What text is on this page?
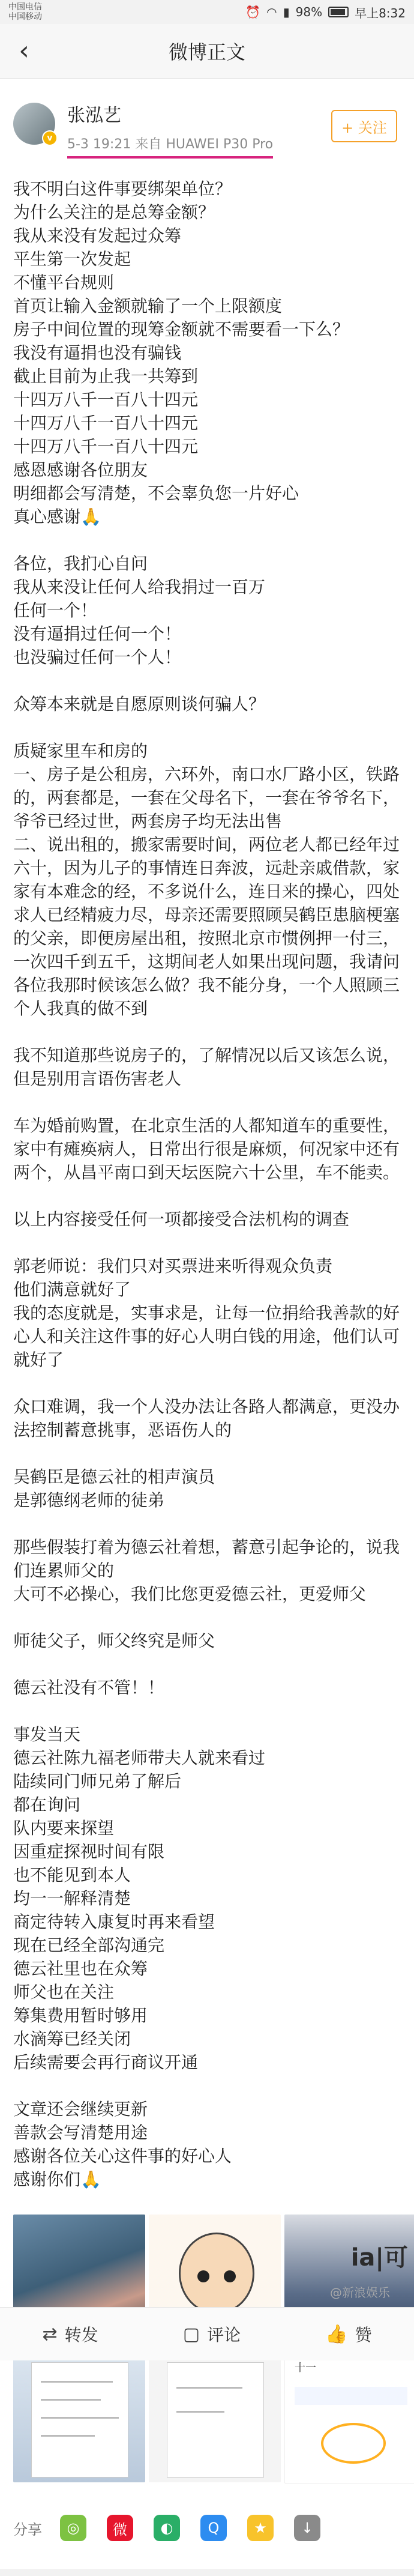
中国电信
中国移动	⏰ ◠ ▮ 98%	早上8:32
‹	微博正文
v
张泓艺
5-3 19:21 来自 HUAWEI P30 Pro
+ 关注

我不明白这件事要绑架单位？
为什么关注的是总筹金额？
我从来没有发起过众筹
平生第一次发起
不懂平台规则
首页让输入金额就输了一个上限额度
房子中间位置的现筹金额就不需要看一下么？
我没有逼捐也没有骗钱
截止目前为止我一共筹到
十四万八千一百八十四元
十四万八千一百八十四元
十四万八千一百八十四元
感恩感谢各位朋友
明细都会写清楚，不会辜负您一片好心
真心感谢🙏

各位，我扪心自问
我从来没让任何人给我捐过一百万
任何一个！
没有逼捐过任何一个！
也没骗过任何一个人！

众筹本来就是自愿原则谈何骗人？

质疑家里车和房的
一、房子是公租房，六环外，南口水厂路小区，铁路的，两套都是，一套在父母名下，一套在爷爷名下，爷爷已经过世，两套房子均无法出售
二、说出租的，搬家需要时间，两位老人都已经年过六十，因为儿子的事情连日奔波，远赴亲戚借款，家家有本难念的经，不多说什么，连日来的操心，四处求人已经精疲力尽，母亲还需要照顾吴鹤臣患脑梗塞的父亲，即便房屋出租，按照北京市惯例押一付三，一次四千到五千，这期间老人如果出现问题，我请问各位我那时候该怎么做？我不能分身，一个人照顾三个人我真的做不到

我不知道那些说房子的，了解情况以后又该怎么说，但是别用言语伤害老人

车为婚前购置，在北京生活的人都知道车的重要性，家中有瘫痪病人，日常出行很是麻烦，何况家中还有两个，从昌平南口到天坛医院六十公里，车不能卖。

以上内容接受任何一项都接受合法机构的调查

郭老师说：我们只对买票进来听得观众负责
他们满意就好了
我的态度就是，实事求是，让每一位捐给我善款的好心人和关注这件事的好心人明白钱的用途，他们认可就好了

众口难调，我一个人没办法让各路人都满意，更没办法控制蓄意挑事，恶语伤人的

吴鹤臣是德云社的相声演员
是郭德纲老师的徒弟

那些假装打着为德云社着想，蓄意引起争论的，说我们连累师父的
大可不必操心，我们比您更爱德云社，更爱师父

师徒父子，师父终究是师父

德云社没有不管！！

事发当天
德云社陈九福老师带夫人就来看过
陆续同门师兄弟了解后
都在询问
队内要来探望
因重症探视时间有限
也不能见到本人
均一一解释清楚
商定待转入康复时再来看望
现在已经全部沟通完
德云社里也在众筹
师父也在关注
筹集费用暂时够用
水滴筹已经关闭
后续需要会再行商议开通

文章还会继续更新
善款会写清楚用途
感谢各位关心这件事的好心人
感谢你们🙏

ia|可
十一
分享	◎	微	◐	Q	★	↓
@新浪娱乐
⇄ 转发	▢ 评论	👍 赞
